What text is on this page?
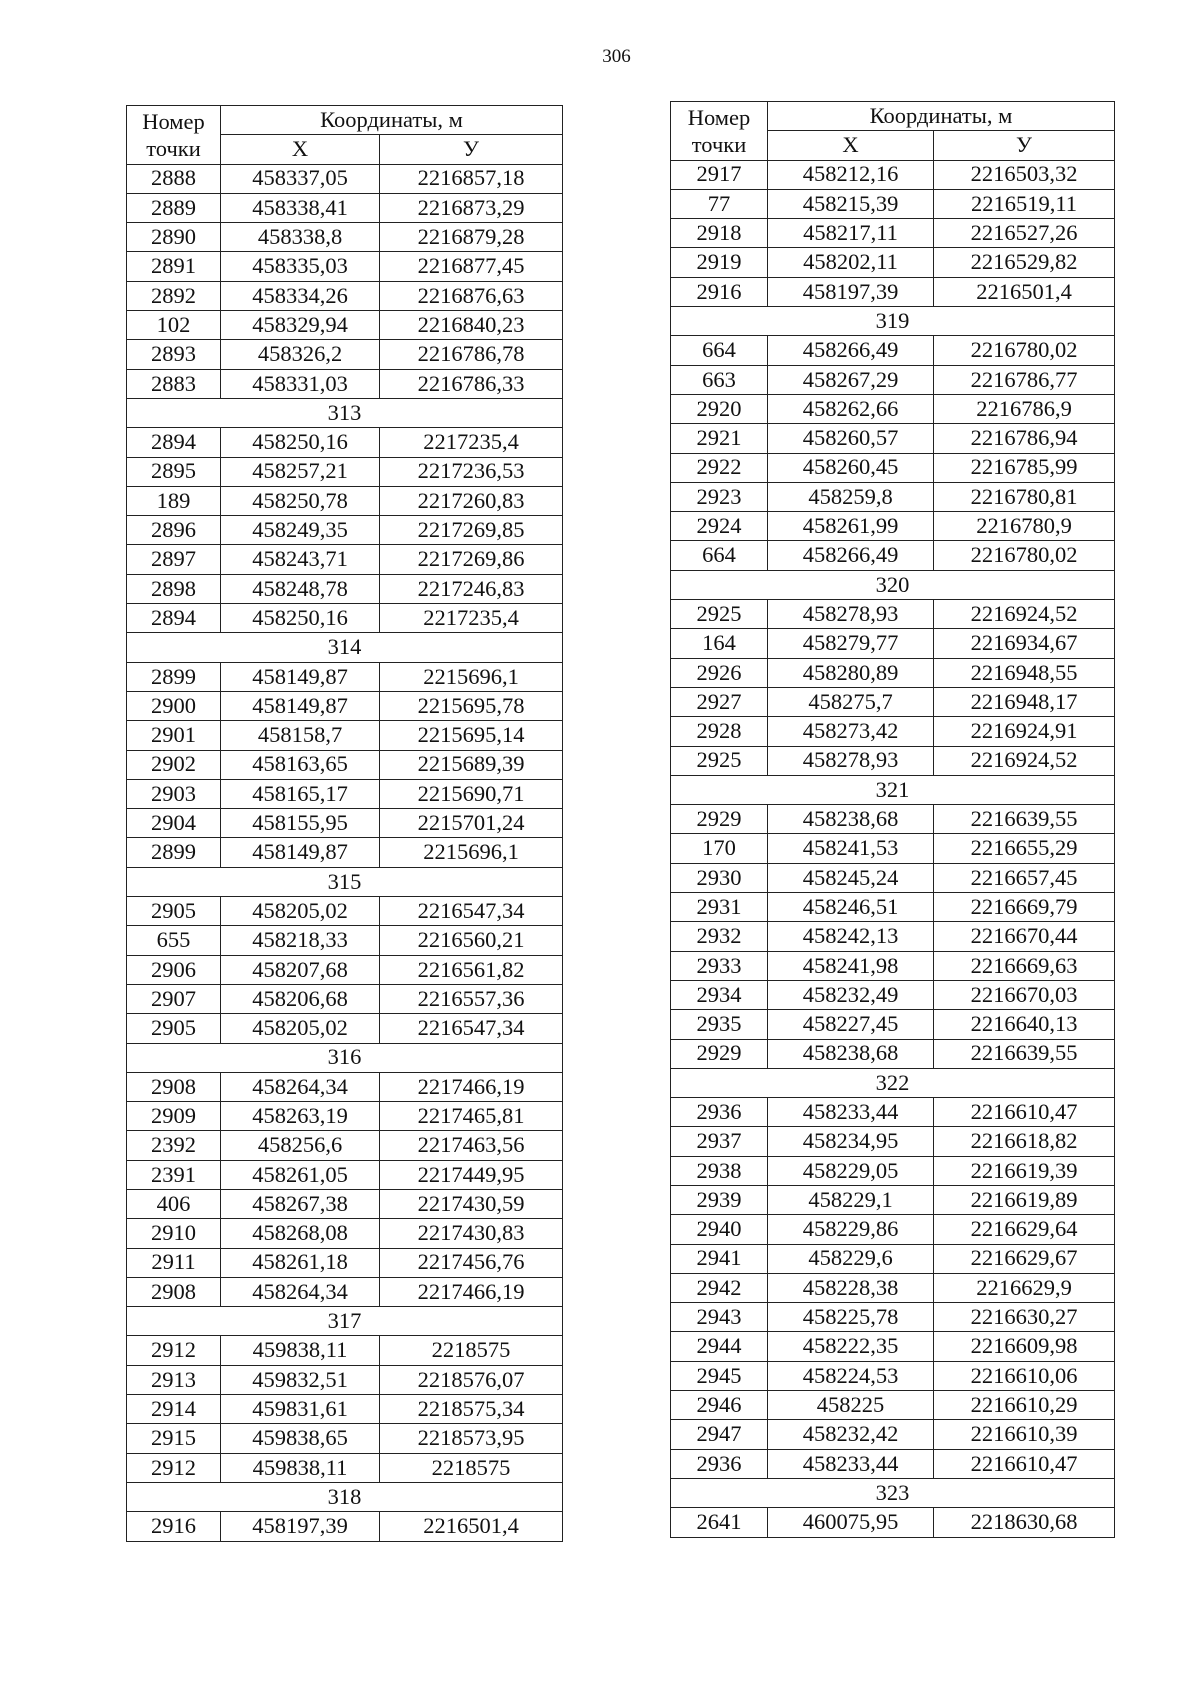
306
Номер точки	Координаты, м	
	X	У
2888	458337,05	2216857,18
2889	458338,41	2216873,29
2890	458338,8	2216879,28
2891	458335,03	2216877,45
2892	458334,26	2216876,63
102	458329,94	2216840,23
2893	458326,2	2216786,78
2883	458331,03	2216786,33
313		
2894	458250,16	2217235,4
2895	458257,21	2217236,53
189	458250,78	2217260,83
2896	458249,35	2217269,85
2897	458243,71	2217269,86
2898	458248,78	2217246,83
2894	458250,16	2217235,4
314		
2899	458149,87	2215696,1
2900	458149,87	2215695,78
2901	458158,7	2215695,14
2902	458163,65	2215689,39
2903	458165,17	2215690,71
2904	458155,95	2215701,24
2899	458149,87	2215696,1
315		
2905	458205,02	2216547,34
655	458218,33	2216560,21
2906	458207,68	2216561,82
2907	458206,68	2216557,36
2905	458205,02	2216547,34
316		
2908	458264,34	2217466,19
2909	458263,19	2217465,81
2392	458256,6	2217463,56
2391	458261,05	2217449,95
406	458267,38	2217430,59
2910	458268,08	2217430,83
2911	458261,18	2217456,76
2908	458264,34	2217466,19
317		
2912	459838,11	2218575
2913	459832,51	2218576,07
2914	459831,61	2218575,34
2915	459838,65	2218573,95
2912	459838,11	2218575
318		
2916	458197,39	2216501,4
Номер точки	Координаты, м	
	X	У
2917	458212,16	2216503,32
77	458215,39	2216519,11
2918	458217,11	2216527,26
2919	458202,11	2216529,82
2916	458197,39	2216501,4
319		
664	458266,49	2216780,02
663	458267,29	2216786,77
2920	458262,66	2216786,9
2921	458260,57	2216786,94
2922	458260,45	2216785,99
2923	458259,8	2216780,81
2924	458261,99	2216780,9
664	458266,49	2216780,02
320		
2925	458278,93	2216924,52
164	458279,77	2216934,67
2926	458280,89	2216948,55
2927	458275,7	2216948,17
2928	458273,42	2216924,91
2925	458278,93	2216924,52
321		
2929	458238,68	2216639,55
170	458241,53	2216655,29
2930	458245,24	2216657,45
2931	458246,51	2216669,79
2932	458242,13	2216670,44
2933	458241,98	2216669,63
2934	458232,49	2216670,03
2935	458227,45	2216640,13
2929	458238,68	2216639,55
322		
2936	458233,44	2216610,47
2937	458234,95	2216618,82
2938	458229,05	2216619,39
2939	458229,1	2216619,89
2940	458229,86	2216629,64
2941	458229,6	2216629,67
2942	458228,38	2216629,9
2943	458225,78	2216630,27
2944	458222,35	2216609,98
2945	458224,53	2216610,06
2946	458225	2216610,29
2947	458232,42	2216610,39
2936	458233,44	2216610,47
323		
2641	460075,95	2218630,68
